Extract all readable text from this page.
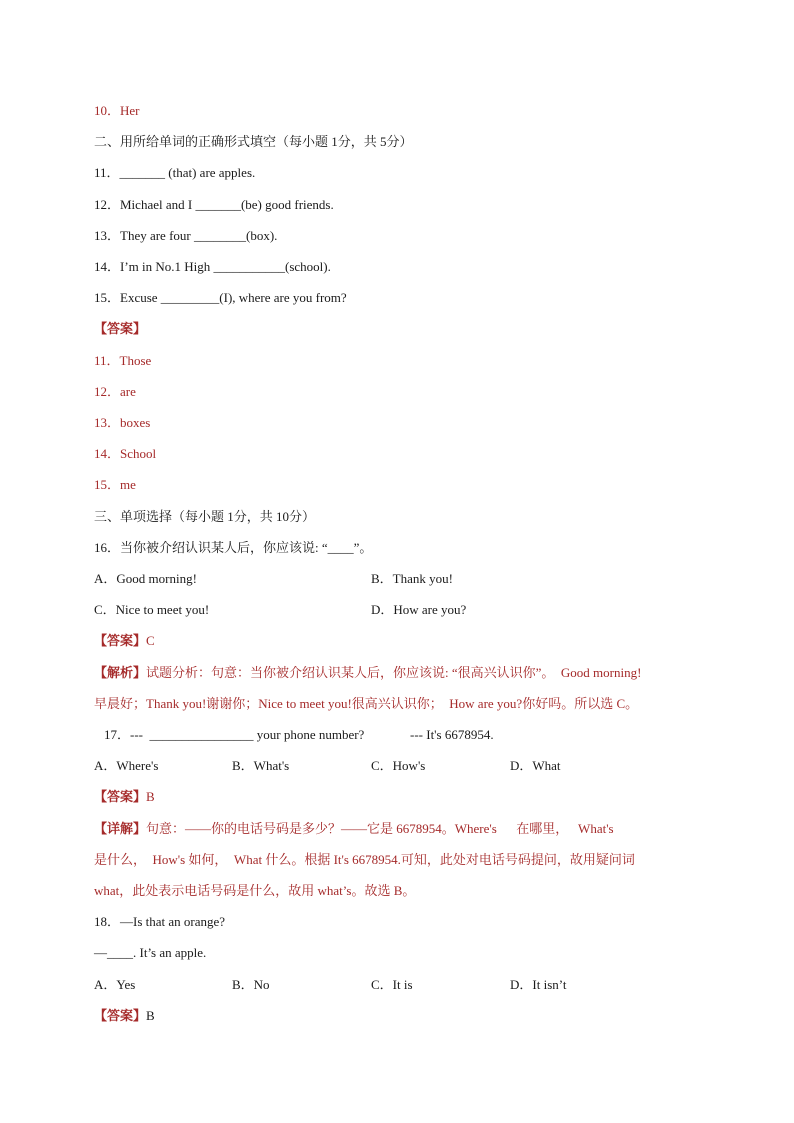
10．Her
二、用所给单词的正确形式填空（每小题 1分，共 5分）
11．_______ (that) are apples.
12．Michael and I _______(be) good friends.
13．They are four ________(box).
14．I’m in No.1 High ___________(school).
15．Excuse _________(I), where are you from?
【答案】
11．Those
12．are
13．boxes
14．School
15．me
三、单项选择（每小题 1分，共 10分）
16．当你被介绍认识某人后，你应该说: “____”。
A．Good morning!	B．Thank you!
C．Nice to meet you!	D．How are you?
【答案】C
【解析】试题分析：句意：当你被介绍认识某人后，你应该说: “很高兴认识你”。  Good morning!
早晨好；Thank you!谢谢你；Nice to meet you!很高兴认识你；  How are you?你好吗。所以选 C。
17．---  ________________ your phone number?	--- It's 6678954.
A．Where's	B．What's	C．How's	D．What
【答案】B
【详解】句意：——你的电话号码是多少？——它是 6678954。Where's      在哪里，   What's
是什么，  How's 如何，  What 什么。根据 It's 6678954.可知，此处对电话号码提问，故用疑问词
what，此处表示电话号码是什么，故用 what’s。故选 B。
18．—Is that an orange?
—____. It’s an apple.
A．Yes	B．No	C．It is	D．It isn’t
【答案】B
